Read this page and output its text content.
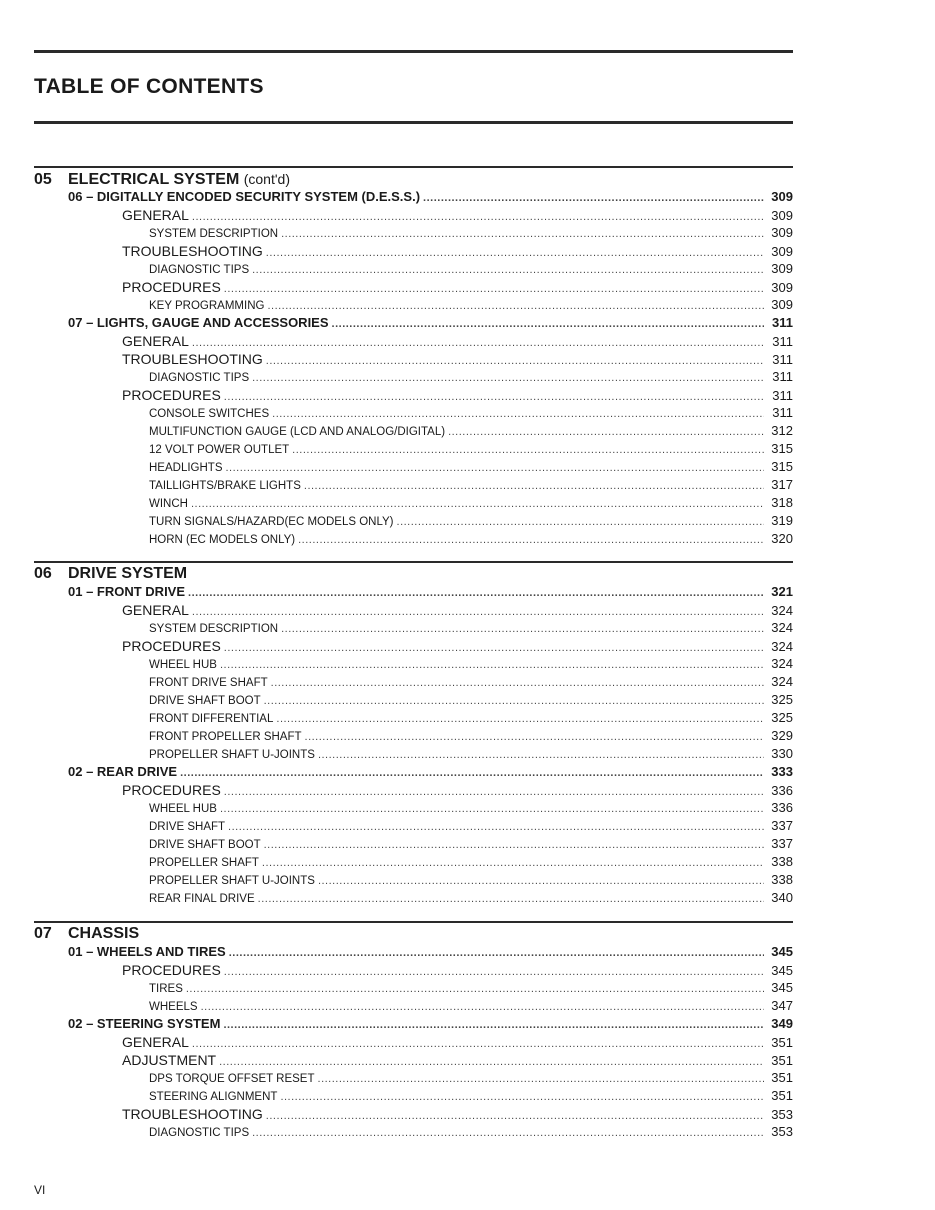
TABLE OF CONTENTS
05 ELECTRICAL SYSTEM (cont'd)
06 – DIGITALLY ENCODED SECURITY SYSTEM (D.E.S.S.) .....	309
GENERAL .....	309
SYSTEM DESCRIPTION .....	309
TROUBLESHOOTING .....	309
DIAGNOSTIC TIPS .....	309
PROCEDURES .....	309
KEY PROGRAMMING .....	309
07 – LIGHTS, GAUGE AND ACCESSORIES .....	311
GENERAL .....	311
TROUBLESHOOTING .....	311
DIAGNOSTIC TIPS .....	311
PROCEDURES .....	311
CONSOLE SWITCHES .....	311
MULTIFUNCTION GAUGE (LCD AND ANALOG/DIGITAL) .....	312
12 VOLT POWER OUTLET .....	315
HEADLIGHTS .....	315
TAILLIGHTS/BRAKE LIGHTS .....	317
WINCH .....	318
TURN SIGNALS/HAZARD(EC MODELS ONLY) .....	319
HORN (EC MODELS ONLY) .....	320
06 DRIVE SYSTEM
01 – FRONT DRIVE .....	321
GENERAL .....	324
SYSTEM DESCRIPTION .....	324
PROCEDURES .....	324
WHEEL HUB .....	324
FRONT DRIVE SHAFT .....	324
DRIVE SHAFT BOOT .....	325
FRONT DIFFERENTIAL .....	325
FRONT PROPELLER SHAFT .....	329
PROPELLER SHAFT U-JOINTS .....	330
02 – REAR DRIVE .....	333
PROCEDURES .....	336
WHEEL HUB .....	336
DRIVE SHAFT .....	337
DRIVE SHAFT BOOT .....	337
PROPELLER SHAFT .....	338
PROPELLER SHAFT U-JOINTS .....	338
REAR FINAL DRIVE .....	340
07 CHASSIS
01 – WHEELS AND TIRES .....	345
PROCEDURES .....	345
TIRES .....	345
WHEELS .....	347
02 – STEERING SYSTEM .....	349
GENERAL .....	351
ADJUSTMENT .....	351
DPS TORQUE OFFSET RESET .....	351
STEERING ALIGNMENT .....	351
TROUBLESHOOTING .....	353
DIAGNOSTIC TIPS .....	353
VI
